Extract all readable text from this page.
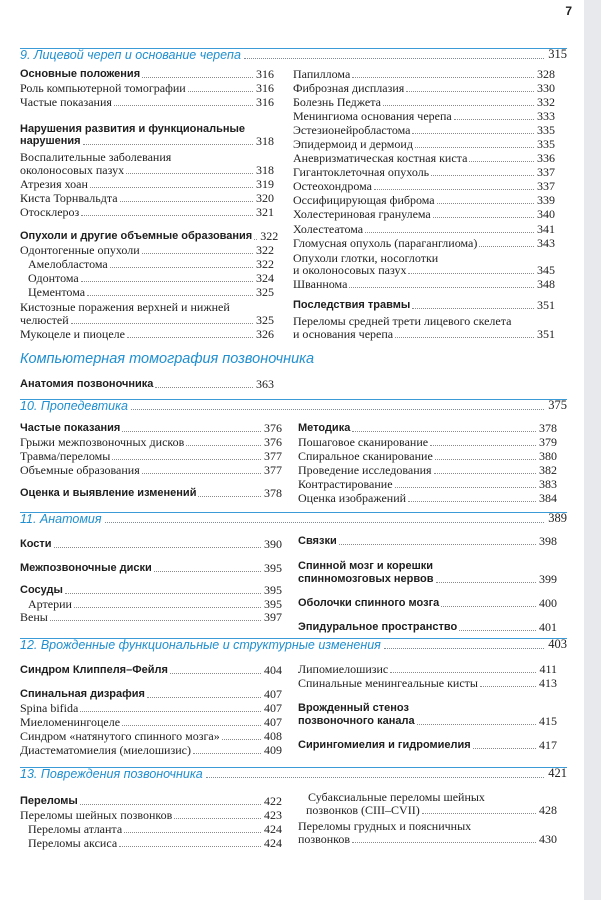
7
9. Лицевой череп и основание черепа	315
Основные положения	316
Роль компьютерной томографии	316
Частые показания	316
Нарушения развития и функциональные
нарушения	318
Воспалительные заболевания
околоносовых пазух	318
Атрезия хоан	319
Киста Торнвальдта	320
Отосклероз	321
Опухоли и другие объемные образования 322
Одонтогенные опухоли	322
Амелобластома	322
Одонтома	324
Цементома	325
Кистозные поражения верхней и нижней
челюстей	325
Мукоцеле и пиоцеле	326
Папиллома	328
Фиброзная дисплазия	330
Болезнь Педжета	332
Менингиома основания черепа	333
Эстезионейробластома	335
Эпидермоид и дермоид	335
Аневризматическая костная киста	336
Гигантоклеточная опухоль	337
Остеохондрома	337
Оссифицирующая фиброма	339
Холестериновая гранулема	340
Холестеатома	341
Гломусная опухоль (параганглиома)	343
Опухоли глотки, носоглотки
и околоносовых пазух	345
Шваннома	348
Последствия травмы	351
Переломы средней трети лицевого скелета
и основания черепа	351
Компьютерная томография позвоночника
Анатомия позвоночника	363
10. Пропедевтика	375
Частые показания	376
Грыжи межпозвоночных дисков	376
Травма/переломы	377
Объемные образования	377
Оценка и выявление изменений	378
Методика	378
Пошаговое сканирование	379
Спиральное сканирование	380
Проведение исследования	382
Контрастирование	383
Оценка изображений	384
11. Анатомия	389
Кости	390
Межпозвоночные диски	395
Сосуды	395
Артерии	395
Вены	397
Связки	398
Спинной мозг и корешки
спинномозговых нервов	399
Оболочки спинного мозга	400
Эпидуральное пространство	401
12. Врожденные функциональные и структурные изменения	403
Синдром Клиппеля–Фейля	404
Спинальная дизрафия	407
Spina bifida	407
Миеломенингоцеле	407
Синдром «натянутого спинного мозга»	408
Диастематомиелия (миелошизис)	409
Липомиелошизис	411
Спинальные менингеальные кисты	413
Врожденный стеноз
позвоночного канала	415
Сирингомиелия и гидромиелия	417
13. Повреждения позвоночника	421
Переломы	422
Переломы шейных позвонков	423
Переломы атланта	424
Переломы аксиса	424
Субаксиальные переломы шейных
позвонков (CIII–CVII)	428
Переломы грудных и поясничных
позвонков	430
